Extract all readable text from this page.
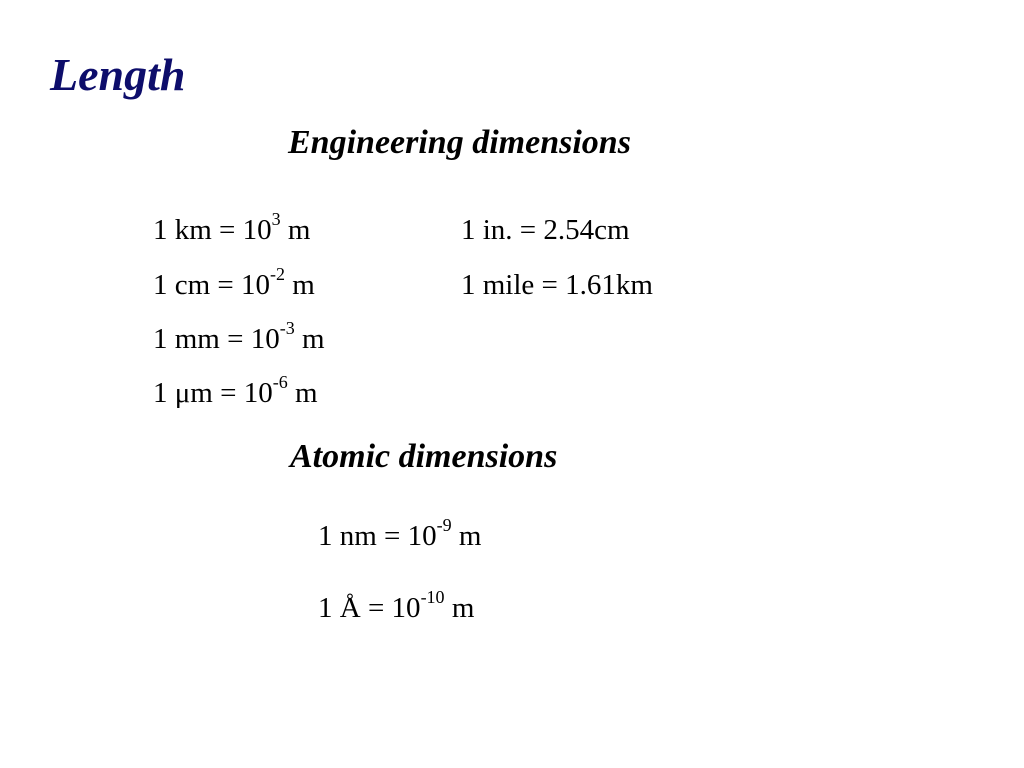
Length
Engineering dimensions
1 km = $10^3$ m
1 cm = $10^{-2}$ m
1 mm = $10^{-3}$ m
1 $\mu m = 10^{-6}$ m
1 in. = 2.54cm
1 mile = 1.61km
Atomic dimensions
1 nm = $10^{-9}$ m
1 Å = $10^{-10}$ m
